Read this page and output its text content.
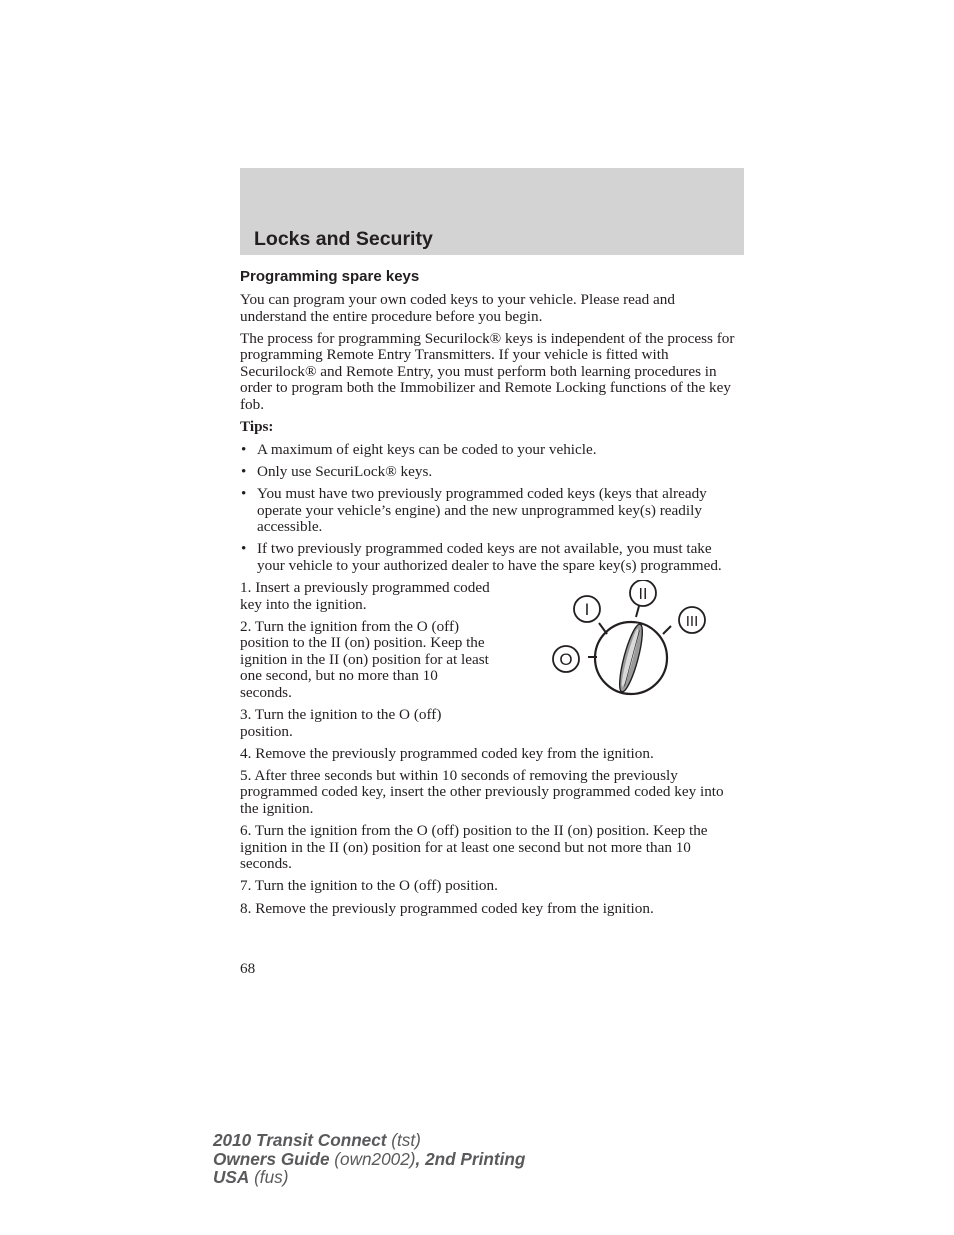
Locks and Security
Programming spare keys

You can program your own coded keys to your vehicle. Please read and understand the entire procedure before you begin.

The process for programming Securilock® keys is independent of the process for programming Remote Entry Transmitters. If your vehicle is fitted with Securilock® and Remote Entry, you must perform both learning procedures in order to program both the Immobilizer and Remote Locking functions of the key fob.

Tips:

• A maximum of eight keys can be coded to your vehicle.
• Only use SecuriLock® keys.
• You must have two previously programmed coded keys (keys that already operate your vehicle’s engine) and the new unprogrammed key(s) readily accessible.
• If two previously programmed coded keys are not available, you must take your vehicle to your authorized dealer to have the spare key(s) programmed.

1. Insert a previously programmed coded key into the ignition.

2. Turn the ignition from the O (off) position to the II (on) position. Keep the ignition in the II (on) position for at least one second, but no more than 10 seconds.

3. Turn the ignition to the O (off) position.

O
I
II
III

4. Remove the previously programmed coded key from the ignition.

5. After three seconds but within 10 seconds of removing the previously programmed coded key, insert the other previously programmed coded key into the ignition.

6. Turn the ignition from the O (off) position to the II (on) position. Keep the ignition in the II (on) position for at least one second but not more than 10 seconds.

7. Turn the ignition to the O (off) position.

8. Remove the previously programmed coded key from the ignition.

68
2010 Transit Connect (tst)
Owners Guide (own2002), 2nd Printing
USA (fus)
